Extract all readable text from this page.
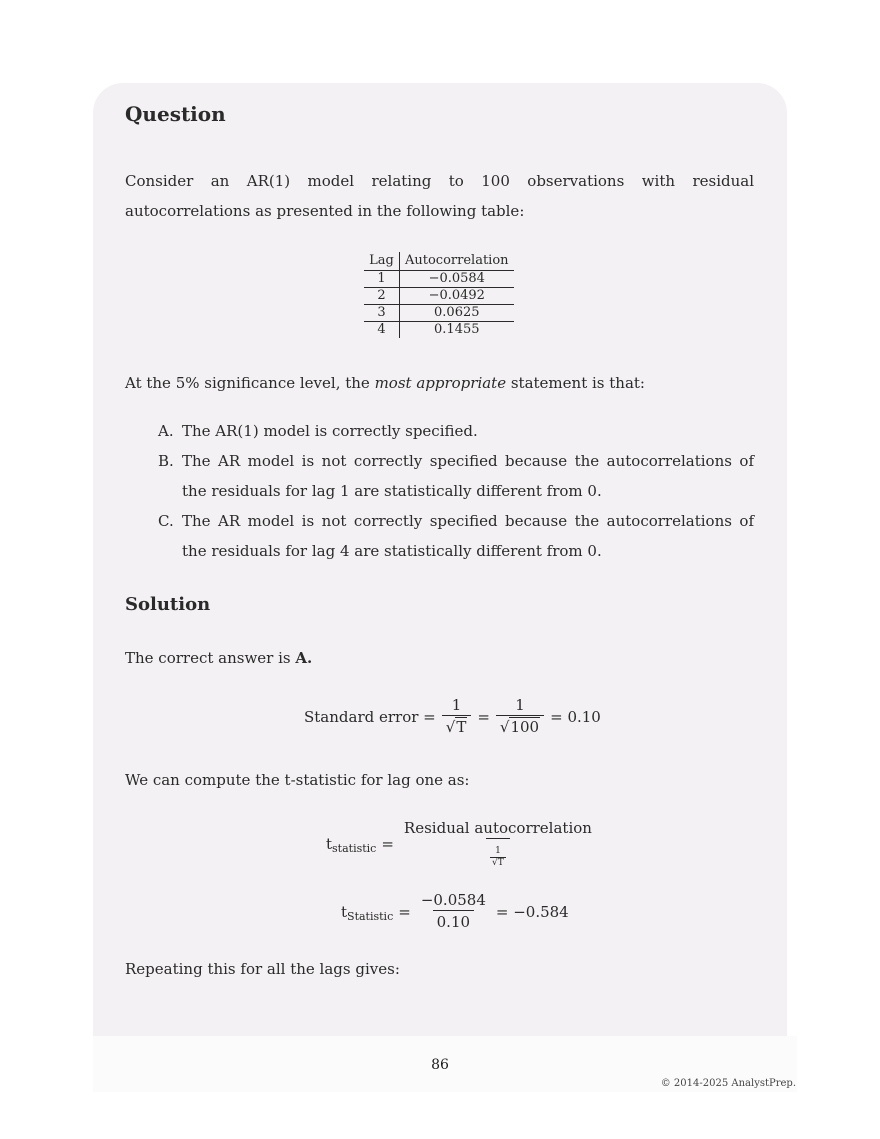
Question
Consider an AR(1) model relating to 100 observations with residual autocorrelations as presented in the following table:
Lag	Autocorrelation
1	−0.0584
2	−0.0492
3	0.0625
4	0.1455
At the 5% significance level, the most appropriate statement is that:
A. The AR(1) model is correctly specified.
B. The AR model is not correctly specified because the autocorrelations of the residuals for lag 1 are statistically different from 0.
C. The AR model is not correctly specified because the autocorrelations of the residuals for lag 4 are statistically different from 0.
Solution
The correct answer is A.
Standard error = $\frac{1}{√T} = \frac{1}{√100} = 0.10$
We can compute the t-statistic for lag one as:
$t_{statistic} = \frac{\text{Residual autocorrelation}}{\frac{1}{√T}}$
$t_{Statistic} = \frac{-0.0584}{0.10} = -0.584$
Repeating this for all the lags gives:
86
© 2014-2025 AnalystPrep.
